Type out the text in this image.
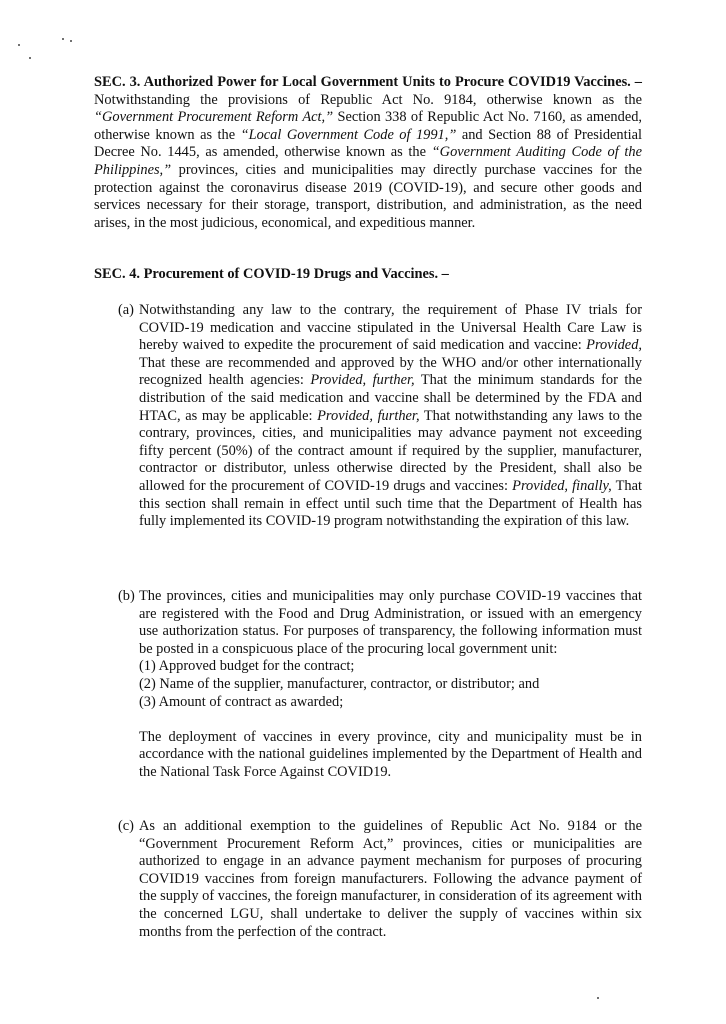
SEC. 3. Authorized Power for Local Government Units to Procure COVID19 Vaccines. – Notwithstanding the provisions of Republic Act No. 9184, otherwise known as the “Government Procurement Reform Act,” Section 338 of Republic Act No. 7160, as amended, otherwise known as the “Local Government Code of 1991,” and Section 88 of Presidential Decree No. 1445, as amended, otherwise known as the “Government Auditing Code of the Philippines,” provinces, cities and municipalities may directly purchase vaccines for the protection against the coronavirus disease 2019 (COVID-19), and secure other goods and services necessary for their storage, transport, distribution, and administration, as the need arises, in the most judicious, economical, and expeditious manner.
SEC. 4. Procurement of COVID-19 Drugs and Vaccines. –
(a) Notwithstanding any law to the contrary, the requirement of Phase IV trials for COVID-19 medication and vaccine stipulated in the Universal Health Care Law is hereby waived to expedite the procurement of said medication and vaccine: Provided, That these are recommended and approved by the WHO and/or other internationally recognized health agencies: Provided, further, That the minimum standards for the distribution of the said medication and vaccine shall be determined by the FDA and HTAC, as may be applicable: Provided, further, That notwithstanding any laws to the contrary, provinces, cities, and municipalities may advance payment not exceeding fifty percent (50%) of the contract amount if required by the supplier, manufacturer, contractor or distributor, unless otherwise directed by the President, shall also be allowed for the procurement of COVID-19 drugs and vaccines: Provided, finally, That this section shall remain in effect until such time that the Department of Health has fully implemented its COVID-19 program notwithstanding the expiration of this law.
(b) The provinces, cities and municipalities may only purchase COVID-19 vaccines that are registered with the Food and Drug Administration, or issued with an emergency use authorization status. For purposes of transparency, the following information must be posted in a conspicuous place of the procuring local government unit:
(1) Approved budget for the contract;
(2) Name of the supplier, manufacturer, contractor, or distributor; and
(3) Amount of contract as awarded;
The deployment of vaccines in every province, city and municipality must be in accordance with the national guidelines implemented by the Department of Health and the National Task Force Against COVID19.
(c) As an additional exemption to the guidelines of Republic Act No. 9184 or the “Government Procurement Reform Act,” provinces, cities or municipalities are authorized to engage in an advance payment mechanism for purposes of procuring COVID19 vaccines from foreign manufacturers. Following the advance payment of the supply of vaccines, the foreign manufacturer, in consideration of its agreement with the concerned LGU, shall undertake to deliver the supply of vaccines within six months from the perfection of the contract.
